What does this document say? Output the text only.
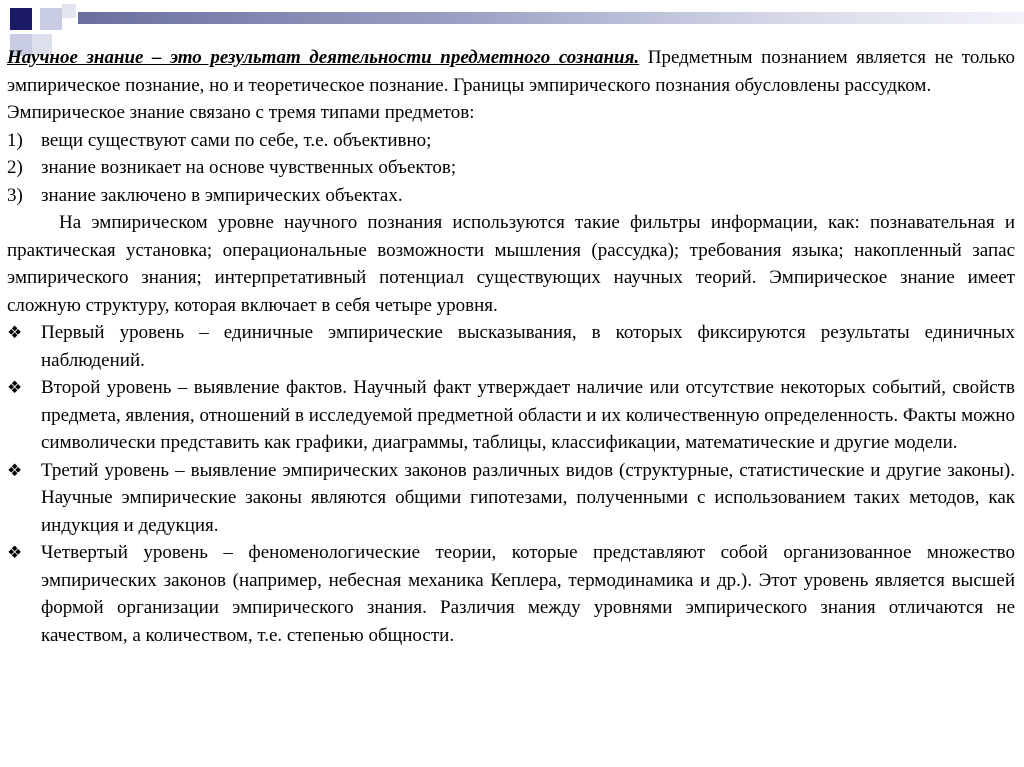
Научное знание – это результат деятельности предметного сознания. Предметным познанием является не только эмпирическое познание, но и теоретическое познание. Границы эмпирического познания обусловлены рассудком.

Эмпирическое знание связано с тремя типами предметов:

1) вещи существуют сами по себе, т.е. объективно;
2) знание возникает на основе чувственных объектов;
3) знание заключено в эмпирических объектах.

На эмпирическом уровне научного познания используются такие фильтры информации, как: познавательная и практическая установка; операциональные возможности мышления (рассудка); требования языка; накопленный запас эмпирического знания; интерпретативный потенциал существующих научных теорий. Эмпирическое знание имеет сложную структуру, которая включает в себя четыре уровня.

❖ Первый уровень – единичные эмпирические высказывания, в которых фиксируются результаты единичных наблюдений.
❖ Второй уровень – выявление фактов. Научный факт утверждает наличие или отсутствие некоторых событий, свойств предмета, явления, отношений в исследуемой предметной области и их количественную определенность. Факты можно символически представить как графики, диаграммы, таблицы, классификации, математические и другие модели.
❖ Третий уровень – выявление эмпирических законов различных видов (структурные, статистические и другие законы). Научные эмпирические законы являются общими гипотезами, полученными с использованием таких методов, как индукция и дедукция.
❖ Четвертый уровень – феноменологические теории, которые представляют собой организованное множество эмпирических законов (например, небесная механика Кеплера, термодинамика и др.). Этот уровень является высшей формой организации эмпирического знания. Различия между уровнями эмпирического знания отличаются не качеством, а количеством, т.е. степенью общности.
